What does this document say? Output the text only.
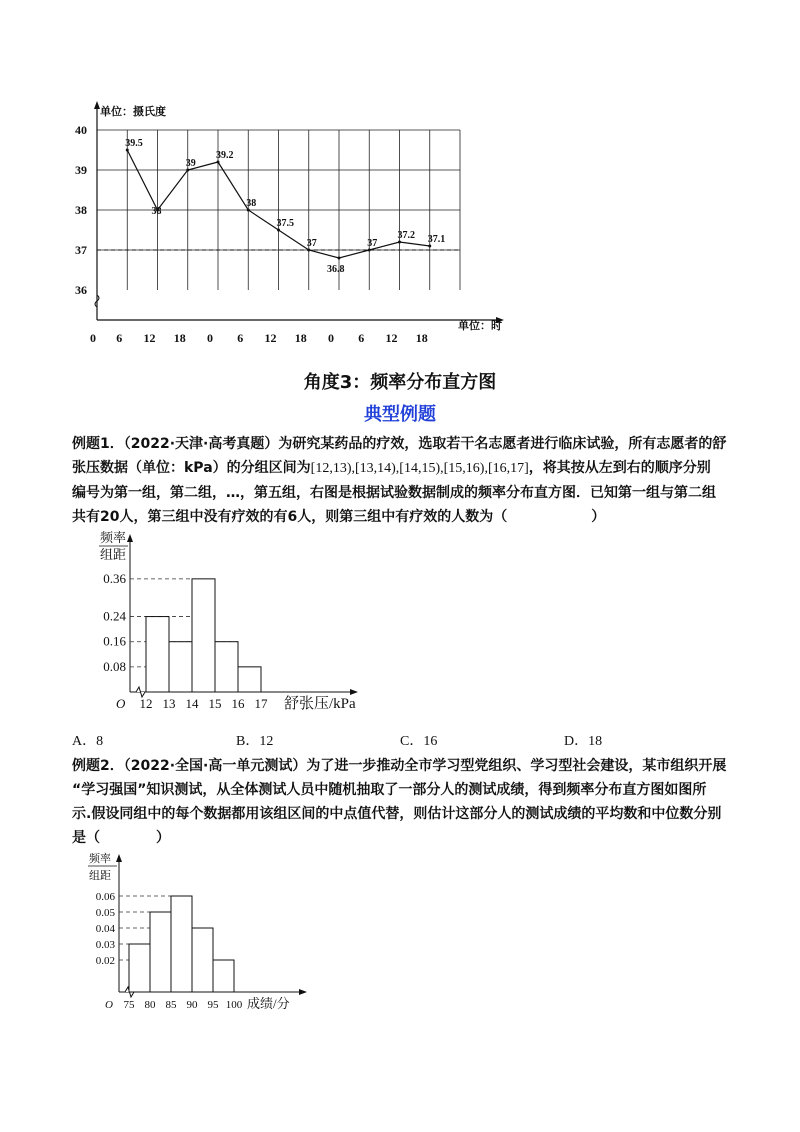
36
37
38
39
40
0 6 12 18 0 6 12 18 0 6 12 18
39.5
38
39
39.2
38
37.5
37
36.8
37
37.2 37.1
单位：摄氏度
单位：时
角度3：频率分布直方图
典型例题
例题1．（2022·天津·高考真题）为研究某药品的疗效，选取若干名志愿者进行临床试验，所有志愿者的舒
张压数据（单位：kPa）的分组区间为[12,13),[13,14),[14,15),[15,16),[16,17]，将其按从左到右的顺序分别
编号为第一组，第二组，…，第五组，右图是根据试验数据制成的频率分布直方图．已知第一组与第二组
共有20人，第三组中没有疗效的有6人，则第三组中有疗效的人数为（　　　　　　）
频率
组距
0.08
0.16
0.24
0.36
12 13 14 15 16 17 舒张压/kPa
O
A．8	B．12	C．16	D．18
例题2．（2022·全国·高一单元测试）为了进一步推动全市学习型党组织、学习型社会建设，某市组织开展
“学习强国”知识测试，从全体测试人员中随机抽取了一部分人的测试成绩，得到频率分布直方图如图所
示.假设同组中的每个数据都用该组区间的中点值代替，则估计这部分人的测试成绩的平均数和中位数分别
是（　　　　）
频率
组距
0.02
0.03
0.04
0.05
0.06
75 80 85 90 95 100 成绩/分
O
